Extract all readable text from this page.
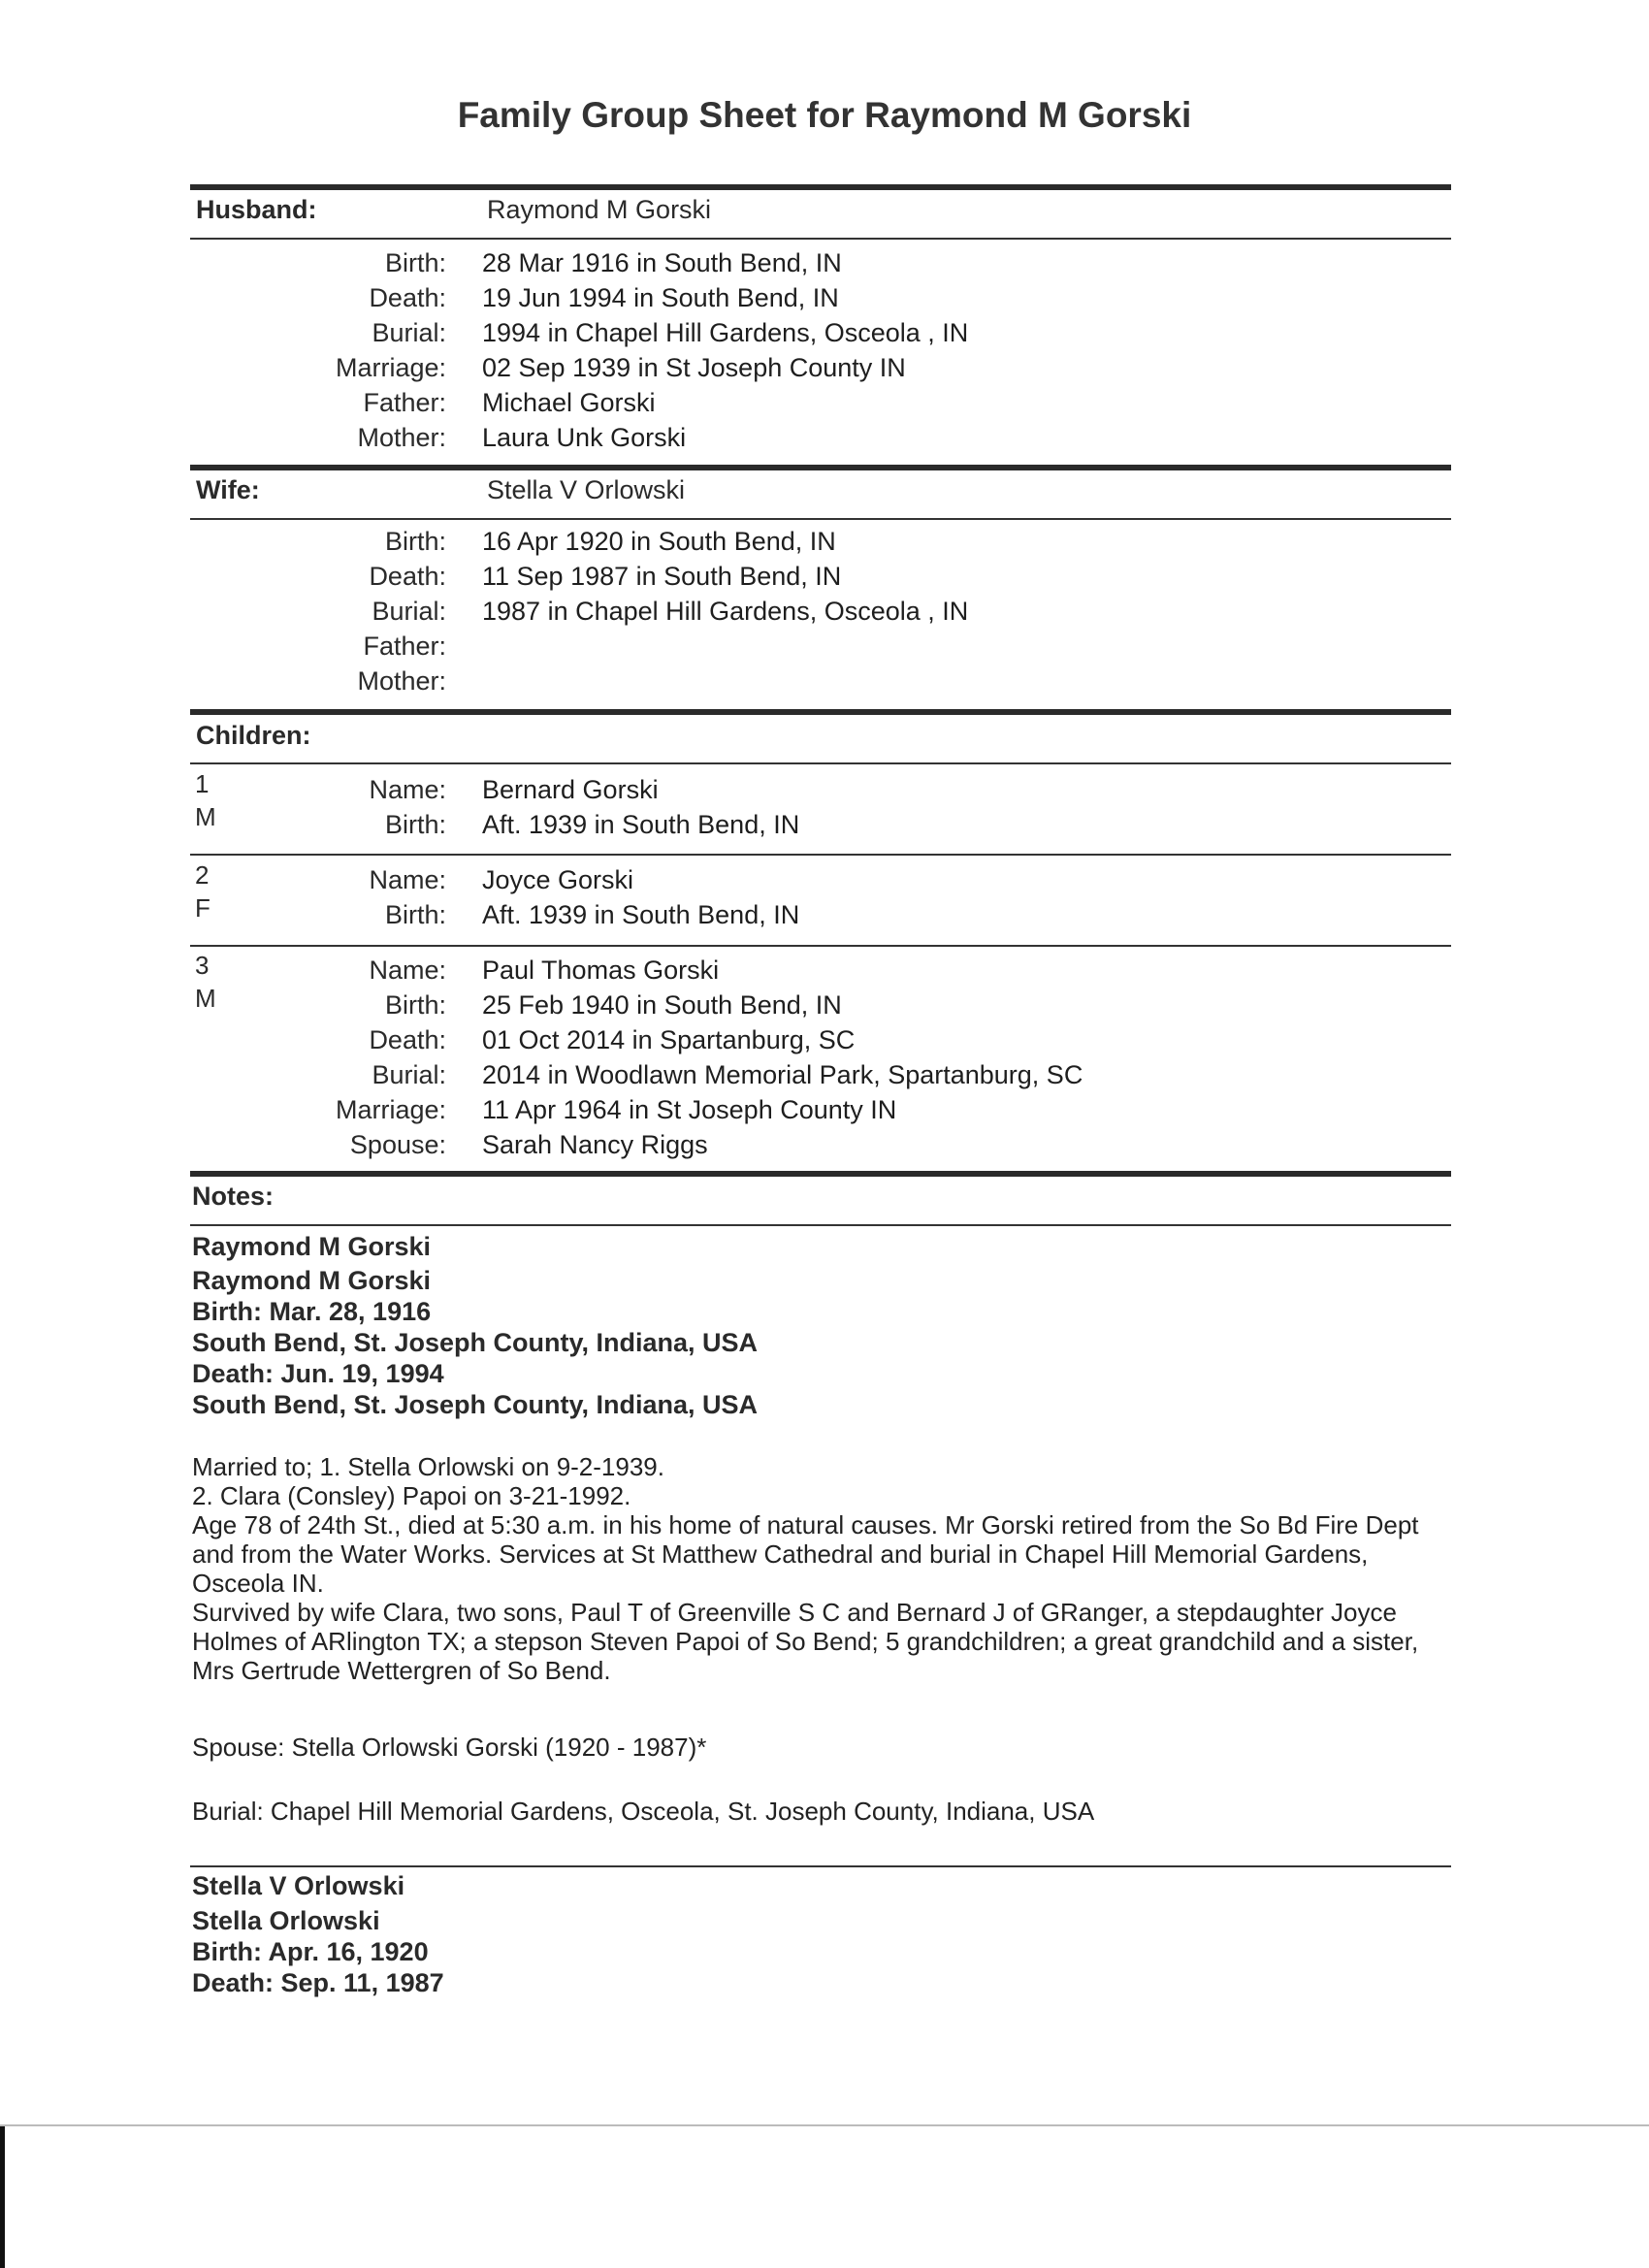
Family Group Sheet for Raymond M Gorski
Husband:	Raymond M Gorski
Birth: 28 Mar 1916 in South Bend, IN
Death: 19 Jun 1994 in South Bend, IN
Burial: 1994 in Chapel Hill Gardens, Osceola , IN
Marriage: 02 Sep 1939 in St Joseph County IN
Father: Michael Gorski
Mother: Laura Unk Gorski
Wife:	Stella V Orlowski
Birth: 16 Apr 1920 in South Bend, IN
Death: 11 Sep 1987 in South Bend, IN
Burial: 1987 in Chapel Hill Gardens, Osceola , IN
Father:
Mother:
Children:
1
M
Name: Bernard Gorski
Birth: Aft. 1939 in South Bend, IN
2
F
Name: Joyce Gorski
Birth: Aft. 1939 in South Bend, IN
3
M
Name: Paul Thomas Gorski
Birth: 25 Feb 1940 in South Bend, IN
Death: 01 Oct 2014 in Spartanburg, SC
Burial: 2014 in Woodlawn Memorial Park, Spartanburg, SC
Marriage: 11 Apr 1964 in St Joseph County IN
Spouse: Sarah Nancy Riggs
Notes:
Raymond M Gorski
Raymond M Gorski
Birth: Mar. 28, 1916
South Bend, St. Joseph County, Indiana, USA
Death: Jun. 19, 1994
South Bend, St. Joseph County, Indiana, USA

Married to; 1. Stella Orlowski on 9-2-1939.

2. Clara (Consley) Papoi on 3-21-1992.

Age 78 of 24th St., died at 5:30 a.m. in his home of natural causes. Mr Gorski retired from the So Bd Fire Dept and from the Water Works. Services at St Matthew Cathedral and burial in Chapel Hill Memorial Gardens, Osceola IN.

Survived by wife Clara, two sons, Paul T of Greenville S C and Bernard J of GRanger, a stepdaughter Joyce Holmes of ARlington TX; a stepson Steven Papoi of So Bend; 5 grandchildren; a great grandchild and a sister, Mrs Gertrude Wettergren of So Bend.

Spouse: Stella Orlowski Gorski (1920 - 1987)*
Burial: Chapel Hill Memorial Gardens, Osceola, St. Joseph County, Indiana, USA
Stella V Orlowski
Stella Orlowski
Birth: Apr. 16, 1920
Death: Sep. 11, 1987
